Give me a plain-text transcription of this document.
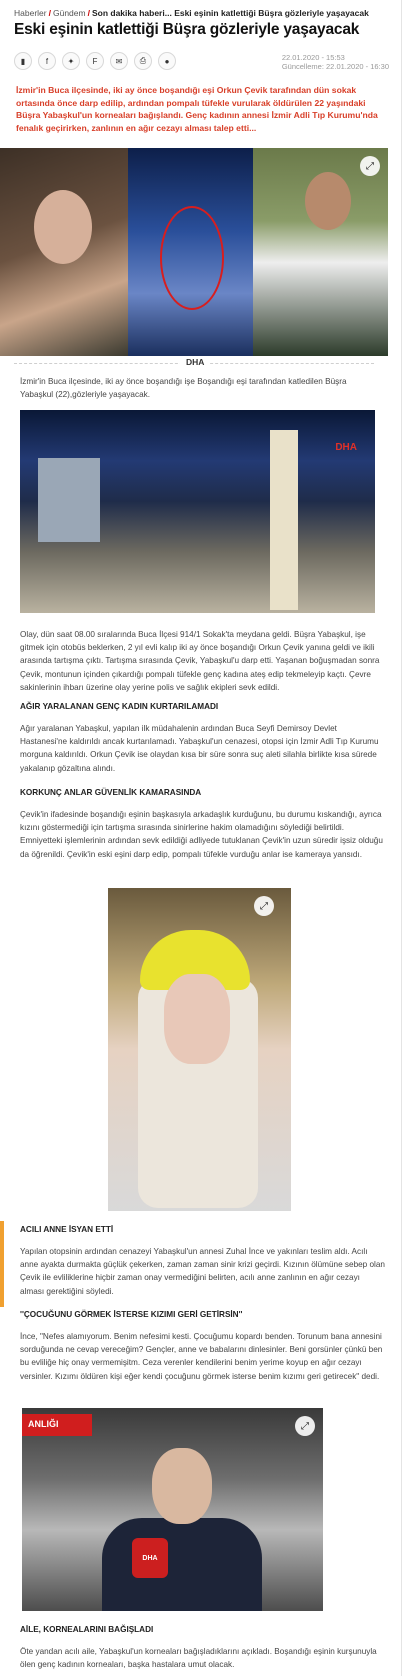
Haberler / Gündem / Son dakika haberi... Eski eşinin katlettiği Büşra gözleriyle yaşayacak
Eski eşinin katlettiği Büşra gözleriyle yaşayacak
▮	f	✦	F	✉	⎙	●	22.01.2020 - 15:53
Güncelleme: 22.01.2020 - 16:30

İzmir'in Buca ilçesinde, iki ay önce boşandığı eşi Orkun Çevik tarafından dün sokak ortasında önce darp edilip, ardından pompalı tüfekle vurularak öldürülen 22 yaşındaki Büşra Yabaşkul'un korneaları bağışlandı. Genç kadının annesi İzmir Adli Tıp Kurumu'nda fenalık geçirirken, zanlının en ağır cezayı alması talep etti...

⤢
DHA

İzmir'in Buca ilçesinde, iki ay önce boşandığı işe Boşandığı eşi tarafından katledilen Büşra Yabaşkul (22),gözleriyle yaşayacak.

DHA

Olay, dün saat 08.00 sıralarında Buca İlçesi 914/1 Sokak'ta meydana geldi. Büşra Yabaşkul, işe gitmek için otobüs beklerken, 2 yıl evli kalıp iki ay önce boşandığı Orkun Çevik yanına geldi ve ikili arasında tartışma çıktı. Tartışma sırasında Çevik, Yabaşkul'u darp etti. Yaşanan boğuşmadan sonra Çevik, montunun içinden çıkardığı pompalı tüfekle genç kadına ateş edip tekmeleyip kaçtı. Çevre sakinlerinin ihbarı üzerine olay yerine polis ve sağlık ekipleri sevk edildi.

AĞIR YARALANAN GENÇ KADIN KURTARILAMADI

Ağır yaralanan Yabaşkul, yapılan ilk müdahalenin ardından Buca Seyfi Demirsoy Devlet Hastanesi'ne kaldırıldı ancak kurtarılamadı. Yabaşkul'un cenazesi, otopsi için İzmir Adli Tıp Kurumu morguna kaldırıldı. Orkun Çevik ise olaydan kısa bir süre sonra suç aleti silahla birlikte kısa sürede yakalanıp gözaltına alındı.

KORKUNÇ ANLAR GÜVENLİK KAMARASINDA

Çevik'in ifadesinde boşandığı eşinin başkasıyla arkadaşlık kurduğunu, bu durumu kıskandığı, ayrıca kızını göstermediği için tartışma sırasında sinirlerine hakim olamadığını söylediği belirtildi. Emniyetteki işlemlerinin ardından sevk edildiği adliyede tutuklanan Çevik'in uzun süredir işsiz olduğu da öğrenildi. Çevik'in eski eşini darp edip, pompalı tüfekle vurduğu anlar ise kameraya yansıdı.

⤢
ACILI ANNE İSYAN ETTİ

Yapılan otopsinin ardından cenazeyi Yabaşkul'un annesi Zuhal İnce ve yakınları teslim aldı. Acılı anne ayakta durmakta güçlük çekerken, zaman zaman sinir krizi geçirdi. Kızının ölümüne sebep olan Çevik ile evliliklerine hiçbir zaman onay vermediğini belirten, acılı anne zanlının en ağır cezayı alması gerektiğini söyledi.

''ÇOCUĞUNU GÖRMEK İSTERSE KIZIMI GERİ GETİRSİN''

İnce, "Nefes alamıyorum. Benim nefesimi kesti. Çocuğumu kopardı benden. Torunum bana annesini sorduğunda ne cevap vereceğim? Gençler, anne ve babalarını dinlesinler. Beni gorsünler çünkü ben bu evliliğe hiç onay vermemişitm. Ceza verenler kendilerini benim yerime koyup en ağır cezayı versinler. Kızımı öldüren kişi eğer kendi çocuğunu görmek isterse benim kızımı geri getirecek" dedi.

ANLIĞI
DHA
⤢
AİLE, KORNEALARINI BAĞIŞLADI

Öte yandan acılı aile, Yabaşkul'un korneaları bağışladıklarını açıkladı. Boşandığı eşinin kurşunuyla ölen genç kadının korneaları, başka hastalara umut olacak.
